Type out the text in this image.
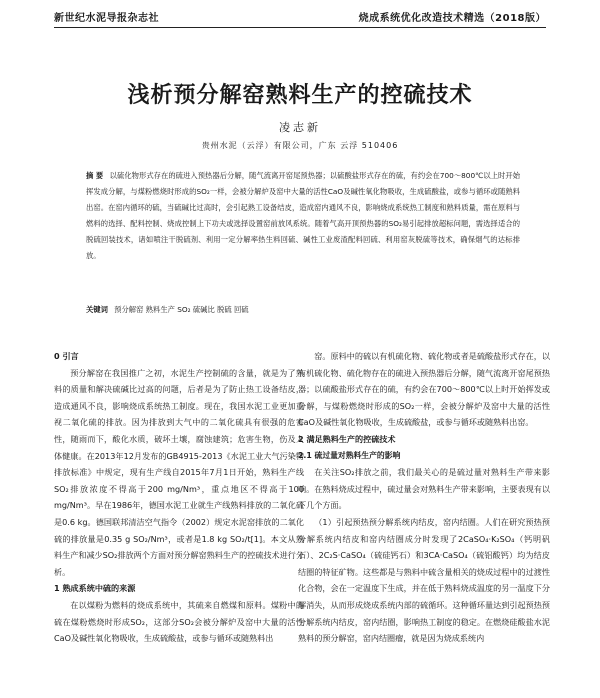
新世纪水泥导报杂志社	烧成系统优化改造技术精选（2018版）
浅析预分解窑熟料生产的控硫技术
凌志新
贵州水泥（云浮）有限公司，广东 云浮 510406
摘 要 以硫化物形式存在的硫进入预热器后分解，随气流离开窑尾预热器；以硫酸盐形式存在的硫，有约会在700～800℃以上时开始挥发成分解，与煤粉燃烧时形成的SO₂一样，会被分解炉及窑中大量的活性CaO及碱性氧化物吸收，生成硫酸盐，或参与循环或随熟料出窑。在窑内循环的硫，当硫碱比过高时，会引起熟工设备结皮，造成窑内通风不良，影响烧成系统热工制度和熟料质量，需在原料与燃料的选择、配料控制、烧成控制上下功夫或选择设置窑前放风系统。随着气高开顶预热器的SO₂易引起排放超标问题，需选择适合的脱硫回装技术，诸如喷注干脱硫剂、利用一定分解率热生料回硫、碱性工业废渣配料回硫、利用窑灰脱硫等技术，确保烟气的达标排放。
关键词 预分解窑 熟料生产 SO₂ 硫碱比 脱硫 回硫

0 引言

预分解窑在我国推广之初，水泥生产控制硫的含量，就是为了熟料的质量和解决硫碱比过高的问题，后者是为了防止热工设备结皮，造成通风不良，影响烧成系统热工制度。现在，我国水泥工业更加重视二氧化硫的排放。因为排放到大气中的二氧化硫具有很强的危害性，随雨而下，酸化水质，破坏土壤，腐蚀建筑；危害生物，伤及人体健康。在2013年12月发布的GB4915-2013《水泥工业大气污染物排放标准》中规定，现有生产线自2015年7月1日开始，熟料生产线SO₂排放浓度不得高于200 mg/Nm³，重点地区不得高于100 mg/Nm³。早在1986年，德国水泥工业就生产线熟料排放的二氧化硫是0.6 kg。德国联邦清洁空气指令（2002）规定水泥窑排放的二氧化硫的排放量是0.35 g SO₂/Nm³，或者是1.8 kg SO₂/t[1]。本文从熟料生产和减少SO₂排放两个方面对预分解窑熟料生产的控硫技术进行分析。

1 熟成系统中硫的来源

在以煤粉为燃料的烧成系统中，其硫来自燃煤和原料。煤粉中的硫在煤粉燃烧时形成SO₂，这部分SO₂会被分解炉及窑中大量的活性CaO及碱性氧化物吸收，生成硫酸盐，或参与循环或随熟料出

窑。原料中的硫以有机硫化物、硫化物或者是硫酸盐形式存在，以有机硫化物、硫化物存在的硫进入预热器后分解，随气流离开窑尾预热器；以硫酸盐形式存在的硫，有约会在700～800℃以上时开始挥发或分解，与煤粉燃烧时形成的SO₂一样，会被分解炉及窑中大量的活性CaO及碱性氧化物吸收，生成硫酸盐，或参与循环或随熟料出窑。

2 满足熟料生产的控硫技术

2.1 硫过量对熟料生产的影响

在关注SO₂排放之前，我们最关心的是硫过量对熟料生产带来影响。在熟料烧成过程中，硫过量会对熟料生产带来影响，主要表现有以下几个方面。

（1）引起预热预分解系统内结皮，窑内结圈。人们在研究预热预分解系统内结皮和窑内结圈成分时发现了2CaSO₄·K₂SO₄（钙明矾石）、2C₂S·CaSO₄（硫硅钙石）和3CA·CaSO₄（硫铝酸钙）均为结皮结圈的特征矿物。这些都是与熟料中硫含量相关的烧成过程中的过渡性化合物，会在一定温度下生成，并在低于熟料烧成温度的另一温度下分解消失，从而形成烧成系统内部的硫循环。这种循环量达到引起预热预分解系统内结皮，窑内结圈，影响热工制度的稳定。在燃烧硅酸盐水泥熟料的预分解窑，窑内结圈瘤，就是因为烧成系统内
